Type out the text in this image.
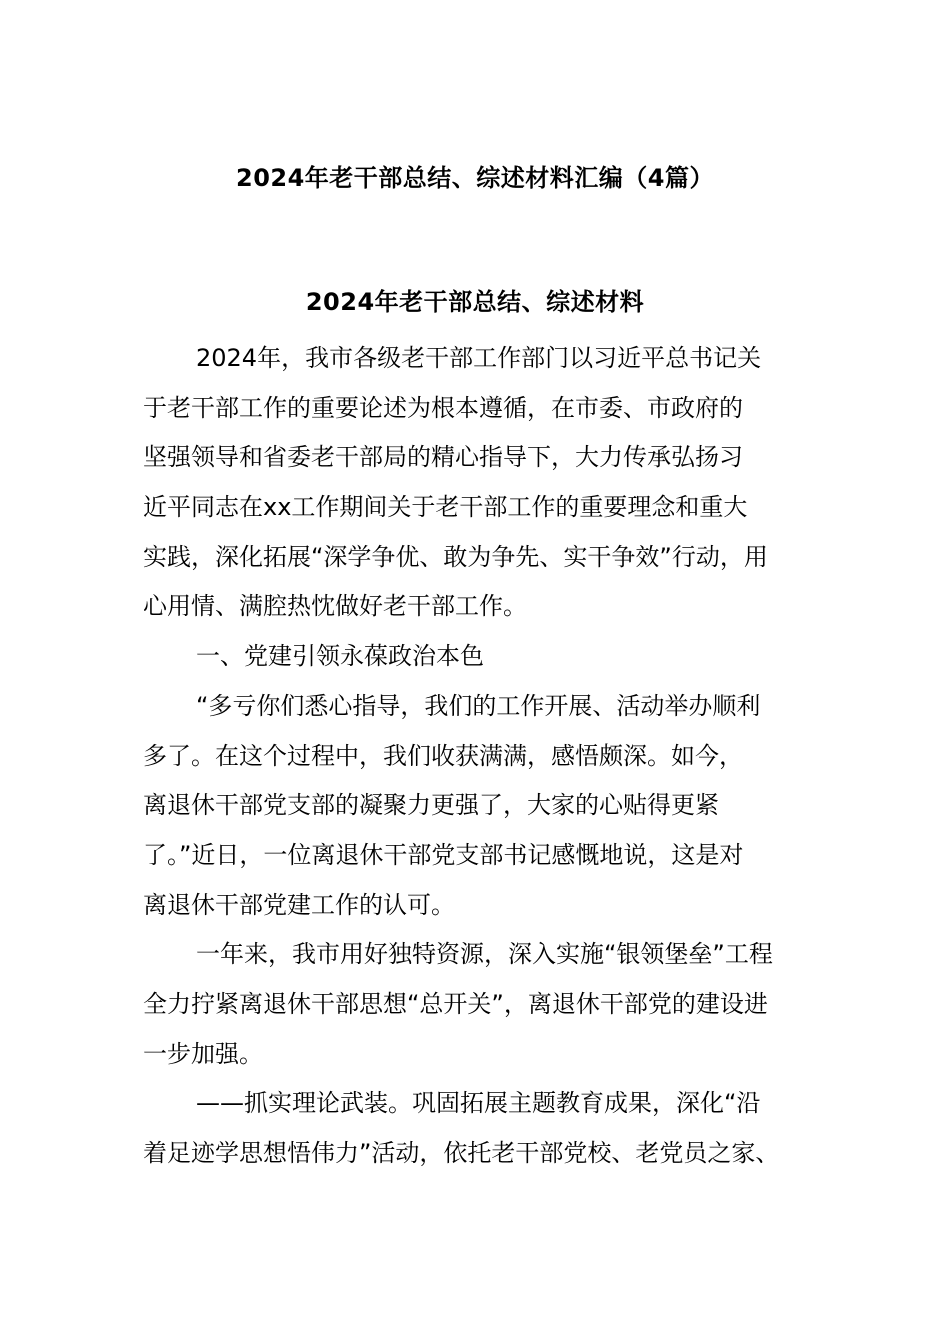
2024年老干部总结、综述材料汇编（4篇）
2024年老干部总结、综述材料
2024年，我市各级老干部工作部门以习近平总书记关
于老干部工作的重要论述为根本遵循，在市委、市政府的
坚强领导和省委老干部局的精心指导下，大力传承弘扬习
近平同志在xx工作期间关于老干部工作的重要理念和重大
实践，深化拓展“深学争优、敢为争先、实干争效”行动，用
心用情、满腔热忱做好老干部工作。
一、党建引领永葆政治本色
“多亏你们悉心指导，我们的工作开展、活动举办顺利
多了。在这个过程中，我们收获满满，感悟颇深。如今，
离退休干部党支部的凝聚力更强了，大家的心贴得更紧
了。”近日，一位离退休干部党支部书记感慨地说，这是对
离退休干部党建工作的认可。
一年来，我市用好独特资源，深入实施“银领堡垒”工程
全力拧紧离退休干部思想“总开关”，离退休干部党的建设进
一步加强。
——抓实理论武装。巩固拓展主题教育成果，深化“沿
着足迹学思想悟伟力”活动，依托老干部党校、老党员之家、
